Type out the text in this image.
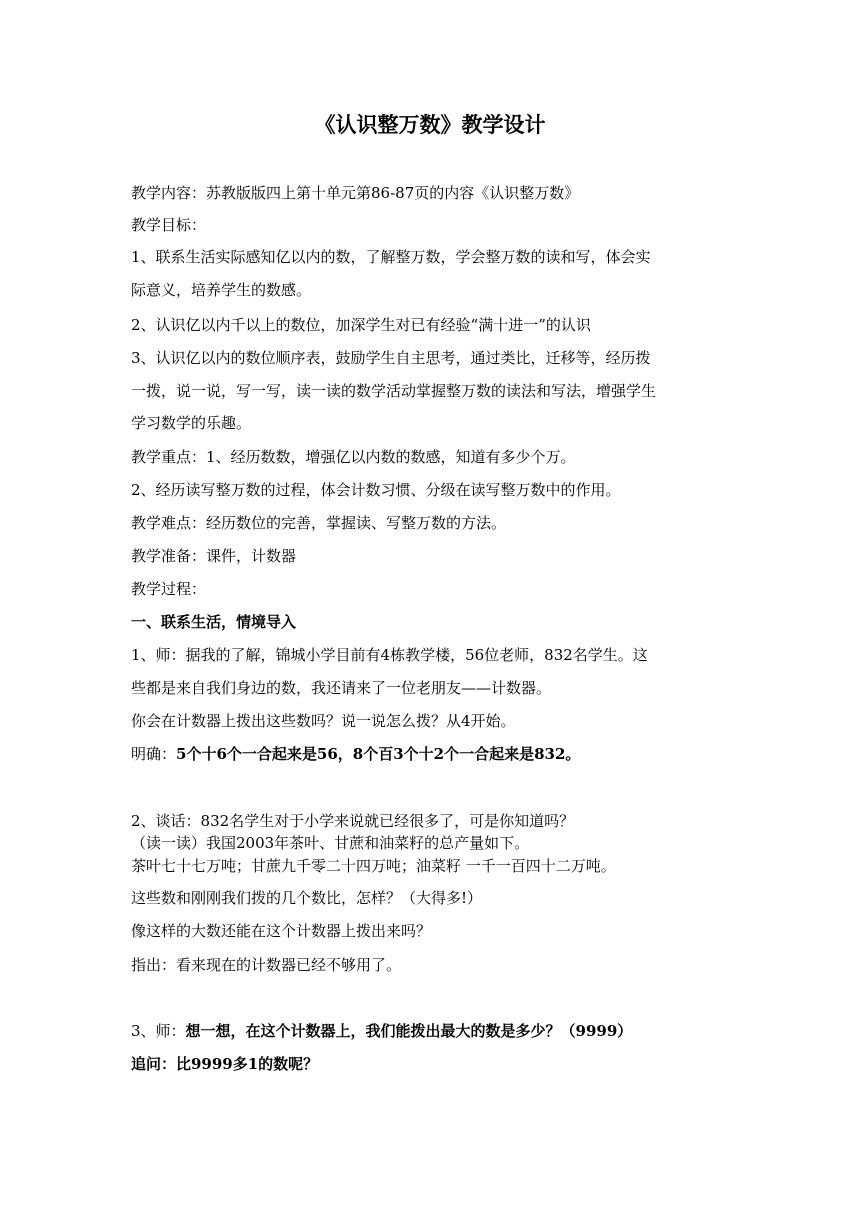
《认识整万数》教学设计
教学内容：苏教版版四上第十单元第86-87页的内容《认识整万数》
教学目标：
1、联系生活实际感知亿以内的数，了解整万数，学会整万数的读和写，体会实
际意义，培养学生的数感。
2、认识亿以内千以上的数位，加深学生对已有经验“满十进一”的认识
3、认识亿以内的数位顺序表，鼓励学生自主思考，通过类比，迁移等，经历拨
一拨，说一说，写一写，读一读的数学活动掌握整万数的读法和写法，增强学生
学习数学的乐趣。
教学重点：1、经历数数，增强亿以内数的数感，知道有多少个万。
2、经历读写整万数的过程，体会计数习惯、分级在读写整万数中的作用。
教学难点：经历数位的完善，掌握读、写整万数的方法。
教学准备：课件，计数器
教学过程：
一、联系生活，情境导入
1、师：据我的了解，锦城小学目前有4栋教学楼，56位老师，832名学生。这
些都是来自我们身边的数，我还请来了一位老朋友——计数器。
你会在计数器上拨出这些数吗？说一说怎么拨？从4开始。
明确：5个十6个一合起来是56，8个百3个十2个一合起来是832。
2、谈话：832名学生对于小学来说就已经很多了，可是你知道吗？
（读一读）我国2003年茶叶、甘蔗和油菜籽的总产量如下。
茶叶七十七万吨；甘蔗九千零二十四万吨；油菜籽 一千一百四十二万吨。
这些数和刚刚我们拨的几个数比，怎样？（大得多!）
像这样的大数还能在这个计数器上拨出来吗？
指出：看来现在的计数器已经不够用了。
3、师：想一想，在这个计数器上，我们能拨出最大的数是多少？（9999）
追问：比9999多1的数呢？
